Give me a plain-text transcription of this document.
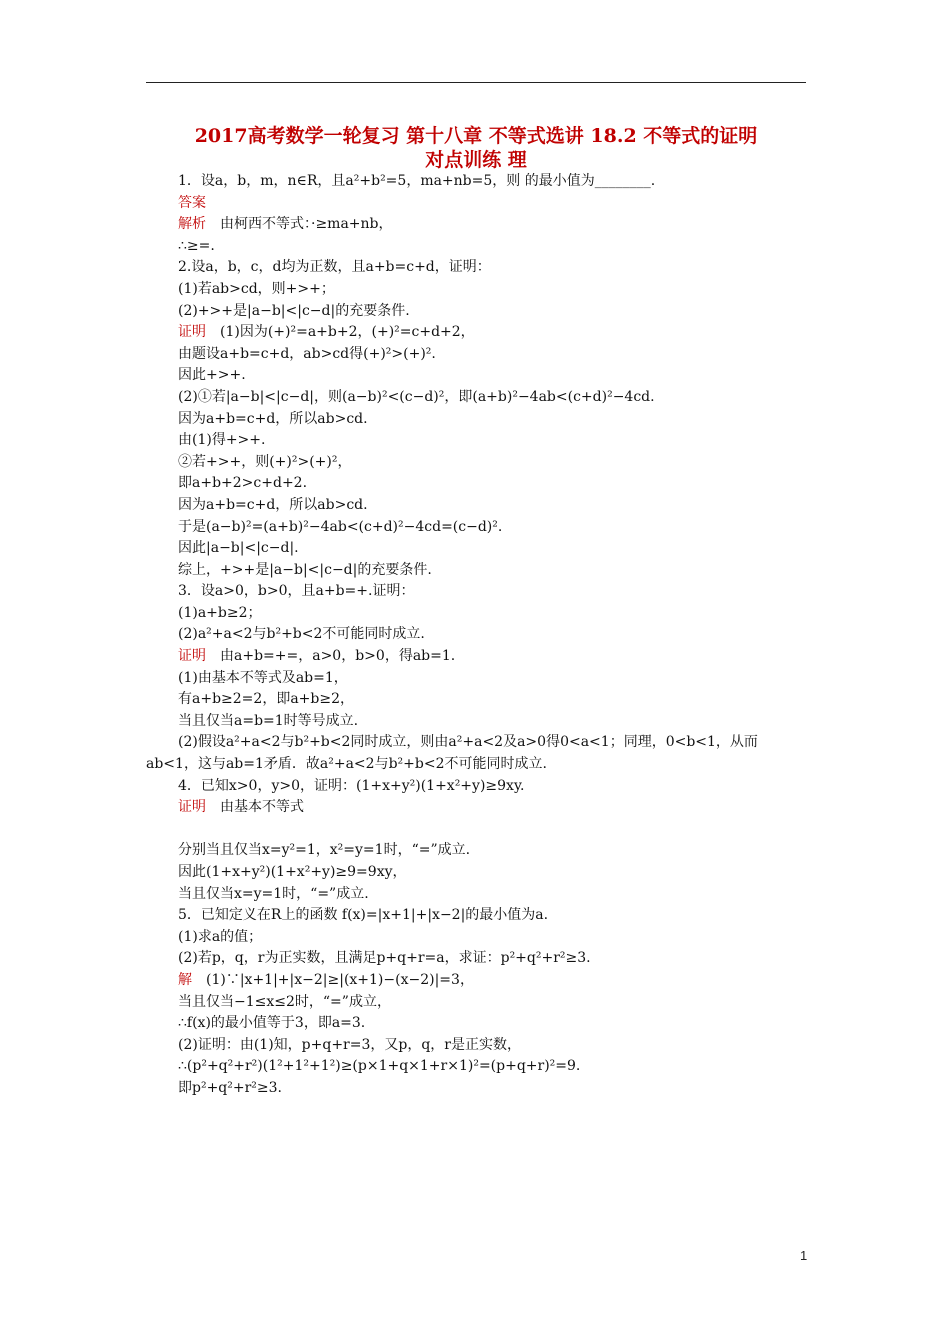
2017高考数学一轮复习 第十八章 不等式选讲 18.2 不等式的证明
对点训练 理
1．设a，b，m，n∈R，且a²+b²=5，ma+nb=5，则 的最小值为________.
答案
解析　由柯西不等式：·≥ma+nb，
∴≥=.
2.设a，b，c，d均为正数，且a+b=c+d，证明：
(1)若ab>cd，则+>+；
(2)+>+是|a−b|<|c−d|的充要条件.
证明　(1)因为(+)²=a+b+2，(+)²=c+d+2，
由题设a+b=c+d，ab>cd得(+)²>(+)².
因此+>+.
(2)①若|a−b|<|c−d|，则(a−b)²<(c−d)²，即(a+b)²−4ab<(c+d)²−4cd.
因为a+b=c+d，所以ab>cd.
由(1)得+>+.
②若+>+，则(+)²>(+)²，
即a+b+2>c+d+2.
因为a+b=c+d，所以ab>cd.
于是(a−b)²=(a+b)²−4ab<(c+d)²−4cd=(c−d)².
因此|a−b|<|c−d|.
综上，+>+是|a−b|<|c−d|的充要条件.
3．设a>0，b>0，且a+b=+.证明：
(1)a+b≥2；
(2)a²+a<2与b²+b<2不可能同时成立.
证明　由a+b=+=，a>0，b>0，得ab=1.
(1)由基本不等式及ab=1，
有a+b≥2=2，即a+b≥2，
当且仅当a=b=1时等号成立.
(2)假设a²+a<2与b²+b<2同时成立，则由a²+a<2及a>0得0<a<1；同理，0<b<1，从而
ab<1，这与ab=1矛盾．故a²+a<2与b²+b<2不可能同时成立.
4．已知x>0，y>0，证明：(1+x+y²)(1+x²+y)≥9xy.
证明　由基本不等式
分别当且仅当x=y²=1，x²=y=1时，“=”成立.
因此(1+x+y²)(1+x²+y)≥9=9xy，
当且仅当x=y=1时，“=”成立.
5．已知定义在R上的函数 f(x)=|x+1|+|x−2|的最小值为a.
(1)求a的值；
(2)若p，q，r为正实数，且满足p+q+r=a，求证：p²+q²+r²≥3.
解　(1)∵|x+1|+|x−2|≥|(x+1)−(x−2)|=3，
当且仅当−1≤x≤2时，“=”成立，
∴f(x)的最小值等于3，即a=3.
(2)证明：由(1)知，p+q+r=3，又p，q，r是正实数，
∴(p²+q²+r²)(1²+1²+1²)≥(p×1+q×1+r×1)²=(p+q+r)²=9.
即p²+q²+r²≥3.
1
